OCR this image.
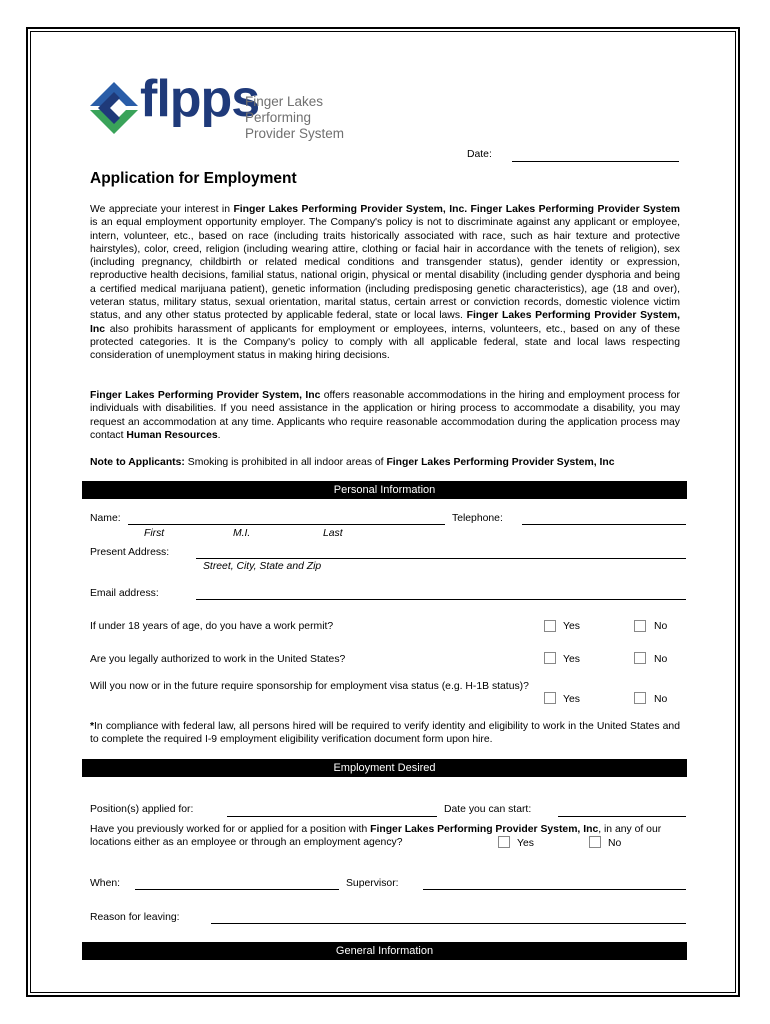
flpps
Finger Lakes Performing
Provider System
Date:
Application for Employment

We appreciate your interest in Finger Lakes Performing Provider System, Inc. Finger Lakes Performing Provider System is an equal employment opportunity employer. The Company's policy is not to discriminate against any applicant or employee, intern, volunteer, etc., based on race (including traits historically associated with race, such as hair texture and protective hairstyles), color, creed, religion (including wearing attire, clothing or facial hair in accordance with the tenets of religion), sex (including pregnancy, childbirth or related medical conditions and transgender status), gender identity or expression, reproductive health decisions, familial status, national origin, physical or mental disability (including gender dysphoria and being a certified medical marijuana patient), genetic information (including predisposing genetic characteristics), age (18 and over), veteran status, military status, sexual orientation, marital status, certain arrest or conviction records, domestic violence victim status, and any other status protected by applicable federal, state or local laws. Finger Lakes Performing Provider System, Inc also prohibits harassment of applicants for employment or employees, interns, volunteers, etc., based on any of these protected categories. It is the Company's policy to comply with all applicable federal, state and local laws respecting consideration of unemployment status in making hiring decisions.

Finger Lakes Performing Provider System, Inc offers reasonable accommodations in the hiring and employment process for individuals with disabilities. If you need assistance in the application or hiring process to accommodate a disability, you may request an accommodation at any time. Applicants who require reasonable accommodation during the application process may contact Human Resources.

Note to Applicants: Smoking is prohibited in all indoor areas of Finger Lakes Performing Provider System, Inc

Personal Information
Name:
First	M.I.	Last
Telephone:
Present Address:
Street, City, State and Zip
Email address:
If under 18 years of age, do you have a work permit?	Yes	No
Are you legally authorized to work in the United States?	Yes	No
Will you now or in the future require sponsorship for employment visa status (e.g. H-1B status)?
Yes	No

*In compliance with federal law, all persons hired will be required to verify identity and eligibility to work in the United States and to complete the required I-9 employment eligibility verification document form upon hire.

Employment Desired
Position(s) applied for:	Date you can start:
Have you previously worked for or applied for a position with Finger Lakes Performing Provider System, Inc, in any of our locations either as an employee or through an employment agency?	Yes	No
When:	Supervisor:
Reason for leaving:
General Information
